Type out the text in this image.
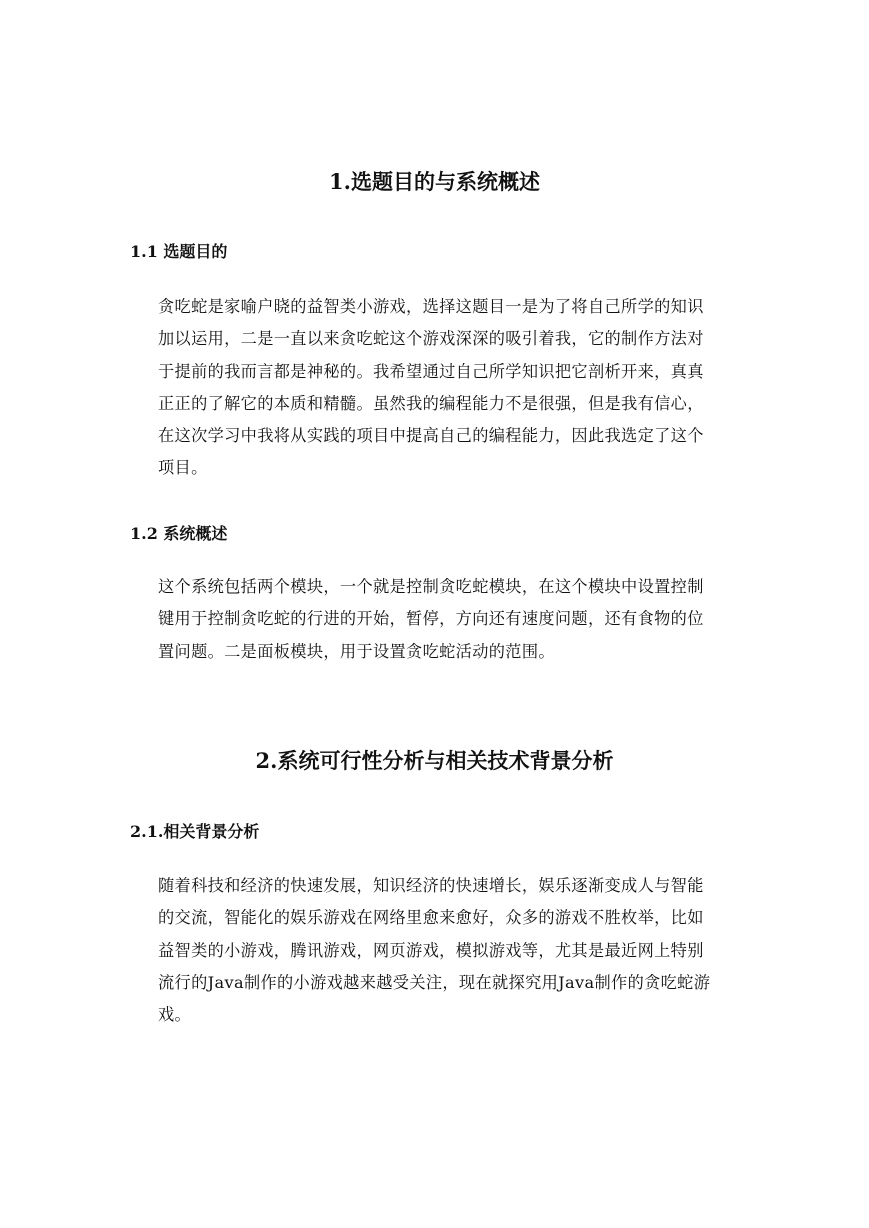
1.选题目的与系统概述
1.1 选题目的
贪吃蛇是家喻户晓的益智类小游戏，选择这题目一是为了将自己所学的知识
加以运用，二是一直以来贪吃蛇这个游戏深深的吸引着我，它的制作方法对
于提前的我而言都是神秘的。我希望通过自己所学知识把它剖析开来，真真
正正的了解它的本质和精髓。虽然我的编程能力不是很强，但是我有信心，
在这次学习中我将从实践的项目中提高自己的编程能力，因此我选定了这个
项目。
1.2 系统概述
这个系统包括两个模块，一个就是控制贪吃蛇模块，在这个模块中设置控制
键用于控制贪吃蛇的行进的开始，暂停，方向还有速度问题，还有食物的位
置问题。二是面板模块，用于设置贪吃蛇活动的范围。
2.系统可行性分析与相关技术背景分析
2.1.相关背景分析
随着科技和经济的快速发展，知识经济的快速增长，娱乐逐渐变成人与智能
的交流，智能化的娱乐游戏在网络里愈来愈好，众多的游戏不胜枚举，比如
益智类的小游戏，腾讯游戏，网页游戏，模拟游戏等，尤其是最近网上特别
流行的Java制作的小游戏越来越受关注，现在就探究用Java制作的贪吃蛇游
戏。
